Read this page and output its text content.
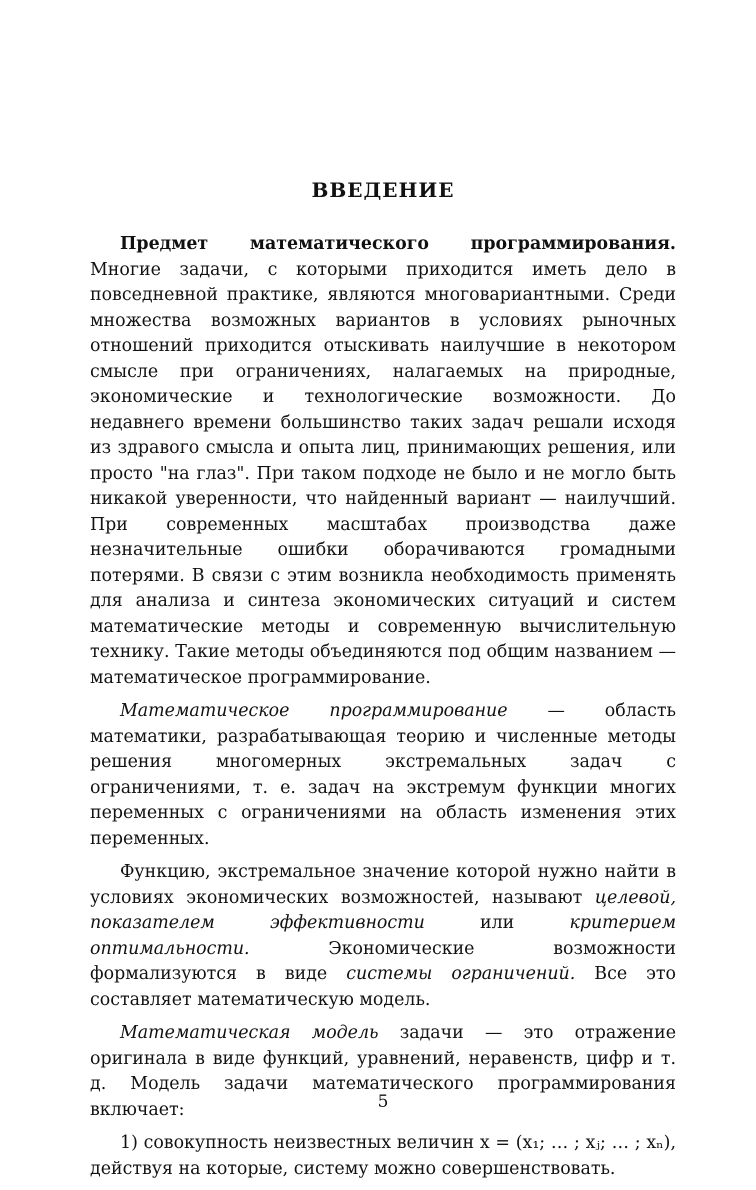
ВВЕДЕНИЕ

Предмет математического программирования. Многие задачи, с которыми приходится иметь дело в повседневной практике, являются многовариантными. Среди множества возможных вариантов в условиях рыночных отношений приходится отыскивать наилучшие в некотором смысле при ограничениях, налагаемых на природные, экономические и технологические возможности. До недавнего времени большинство таких задач решали исходя из здравого смысла и опыта лиц, принимающих решения, или просто "на глаз". При таком подходе не было и не могло быть никакой уверенности, что найденный вариант — наилучший. При современных масштабах производства даже незначительные ошибки оборачиваются громадными потерями. В связи с этим возникла необходимость применять для анализа и синтеза экономических ситуаций и систем математические методы и современную вычислительную технику. Такие методы объединяются под общим названием — математическое программирование.

Математическое программирование — область математики, разрабатывающая теорию и численные методы решения многомерных экстремальных задач с ограничениями, т. е. задач на экстремум функции многих переменных с ограничениями на область изменения этих переменных.

Функцию, экстремальное значение которой нужно найти в условиях экономических возможностей, называют целевой, показателем эффективности или критерием оптимальности. Экономические возможности формализуются в виде системы ограничений. Все это составляет математическую модель.

Математическая модель задачи — это отражение оригинала в виде функций, уравнений, неравенств, цифр и т. д. Модель задачи математического программирования включает:

1) совокупность неизвестных величин x = (x₁; … ; xⱼ; … ; xₙ), действуя на которые, систему можно совершенствовать.

5
